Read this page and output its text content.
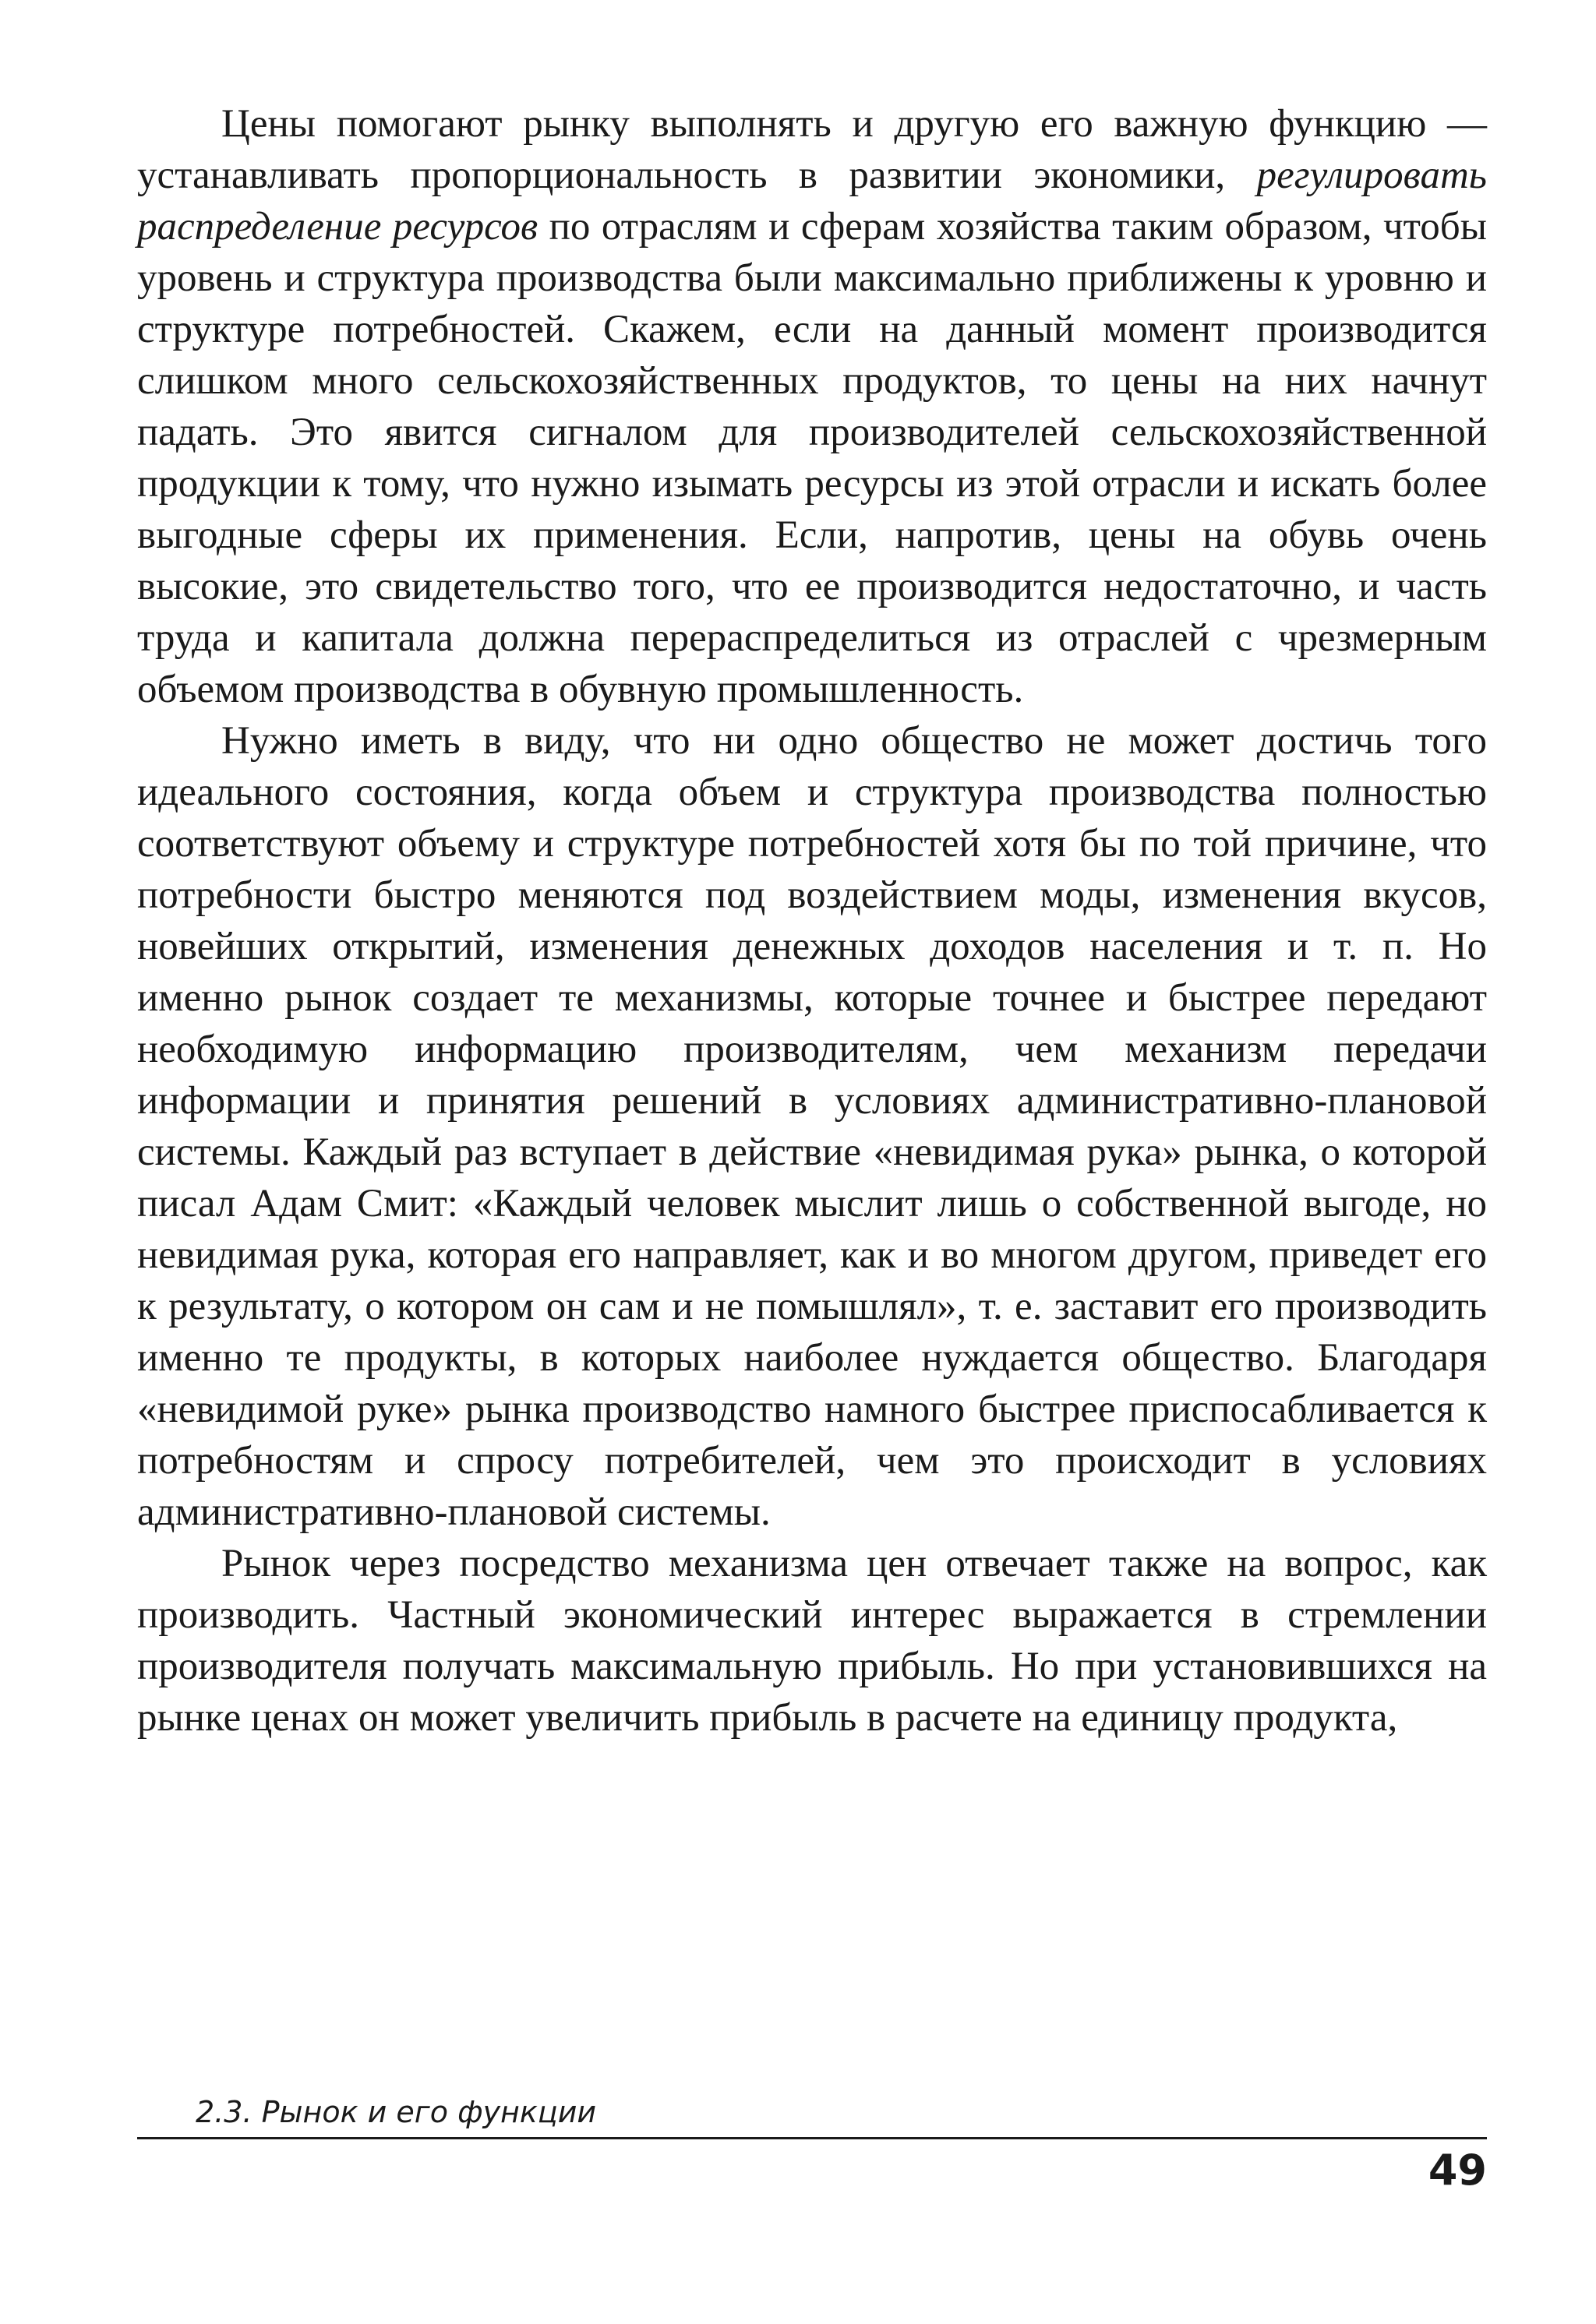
Цены помогают рынку выполнять и другую его важную функцию — устанавливать пропорциональность в развитии экономики, регулировать распределение ресурсов по отраслям и сферам хозяйства таким образом, чтобы уровень и структура производства были максимально приближены к уровню и структуре потребностей. Скажем, если на данный момент производится слишком много сельскохозяйственных продуктов, то цены на них начнут падать. Это явится сигналом для производителей сельскохозяйственной продукции к тому, что нужно изымать ресурсы из этой отрасли и искать более выгодные сферы их применения. Если, напротив, цены на обувь очень высокие, это свидетельство того, что ее производится недостаточно, и часть труда и капитала должна перераспределиться из отраслей с чрезмерным объемом производства в обувную промышленность.

Нужно иметь в виду, что ни одно общество не может достичь того идеального состояния, когда объем и структура производства полностью соответствуют объему и структуре потребностей хотя бы по той причине, что потребности быстро меняются под воздействием моды, изменения вкусов, новейших открытий, изменения денежных доходов населения и т. п. Но именно рынок создает те механизмы, которые точнее и быстрее передают необходимую информацию производителям, чем механизм передачи информации и принятия решений в условиях административно-плановой системы. Каждый раз вступает в действие «невидимая рука» рынка, о которой писал Адам Смит: «Каждый человек мыслит лишь о собственной выгоде, но невидимая рука, которая его направляет, как и во многом другом, приведет его к результату, о котором он сам и не помышлял», т. е. заставит его производить именно те продукты, в которых наиболее нуждается общество. Благодаря «невидимой руке» рынка производство намного быстрее приспосабливается к потребностям и спросу потребителей, чем это происходит в условиях административно-плановой системы.

Рынок через посредство механизма цен отвечает также на вопрос, как производить. Частный экономический интерес выражается в стремлении производителя получать максимальную прибыль. Но при установившихся на рынке ценах он может увеличить прибыль в расчете на единицу продукта,

2.3. Рынок и его функции
49
